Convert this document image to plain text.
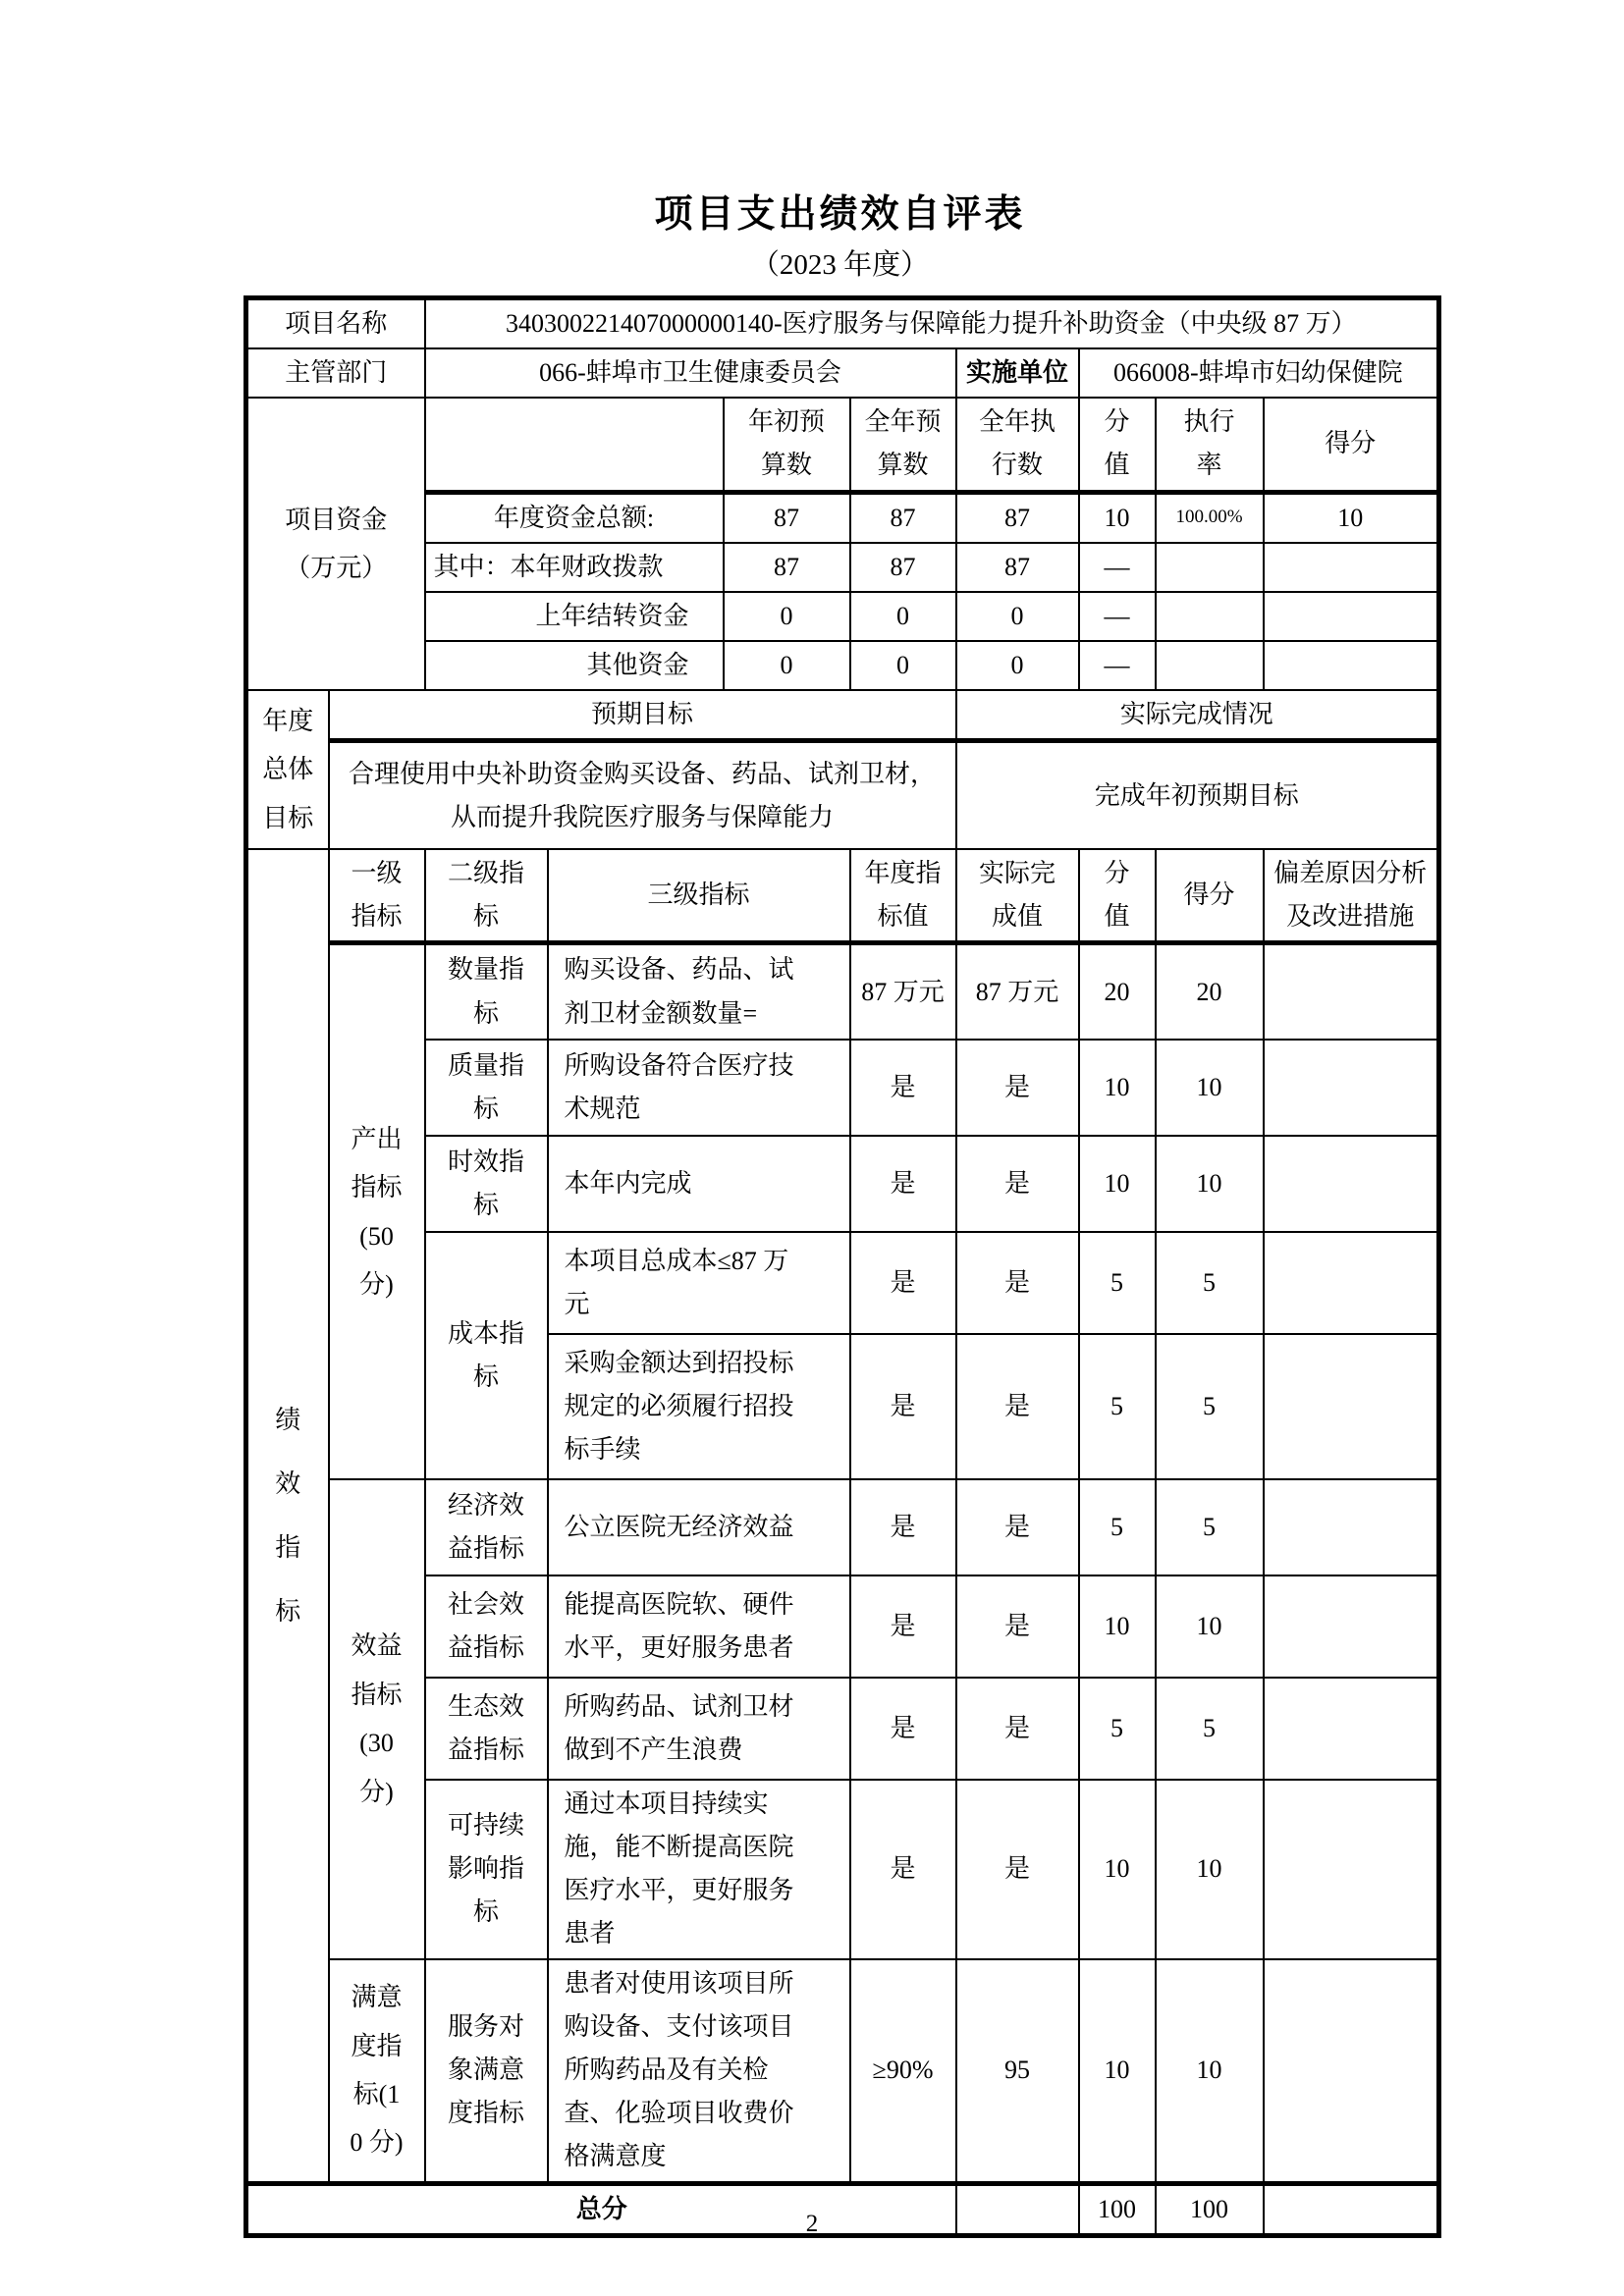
项目支出绩效自评表
（2023 年度）
项目名称		340300221407000000140-医疗服务与保障能力提升补助资金（中央级 87 万）							
主管部门		066-蚌埠市卫生健康委员会				实施单位	066008-蚌埠市妇幼保健院		

项目资金
（万元）				年初预算数	全年预算数	全年执行数	分值	执行率	得分
		年度资金总额:		87	87	87	10	100.00%	10
		其中：本年财政拨款		87	87	87	—		
		上年结转资金		0	0	0	—		
		其他资金		0	0	0	—		

年度总体目标	预期目标					实际完成情况			
	合理使用中央补助资金购买设备、药品、试剂卫材，从而提升我院医疗服务与保障能力					完成年初预期目标			

绩效指标	一级指标	二级指标	三级指标		年度指标值	实际完成值	分值	得分	偏差原因分析及改进措施

	产出指标(50 分)	数量指标	购买设备、药品、试剂卫材金额数量=		87 万元	87 万元	20	20	
		质量指标	所购设备符合医疗技术规范		是	是	10	10	
		时效指标	本年内完成		是	是	10	10	
		成本指标	本项目总成本≤87 万元		是	是	5	5	
			采购金额达到招投标规定的必须履行招投标手续		是	是	5	5	

	效益指标(30 分)	经济效益指标	公立医院无经济效益		是	是	5	5	
		社会效益指标	能提高医院软、硬件水平，更好服务患者		是	是	10	10	
		生态效益指标	所购药品、试剂卫材做到不产生浪费		是	是	5	5	
		可持续影响指标	通过本项目持续实施，能不断提高医院医疗水平，更好服务患者		是	是	10	10	

	满意度指标(10 分)	服务对象满意度指标	患者对使用该项目所购设备、支付该项目所购药品及有关检查、化验项目收费价格满意度		≥90%	95	10	10	
总分							100	100	
2
